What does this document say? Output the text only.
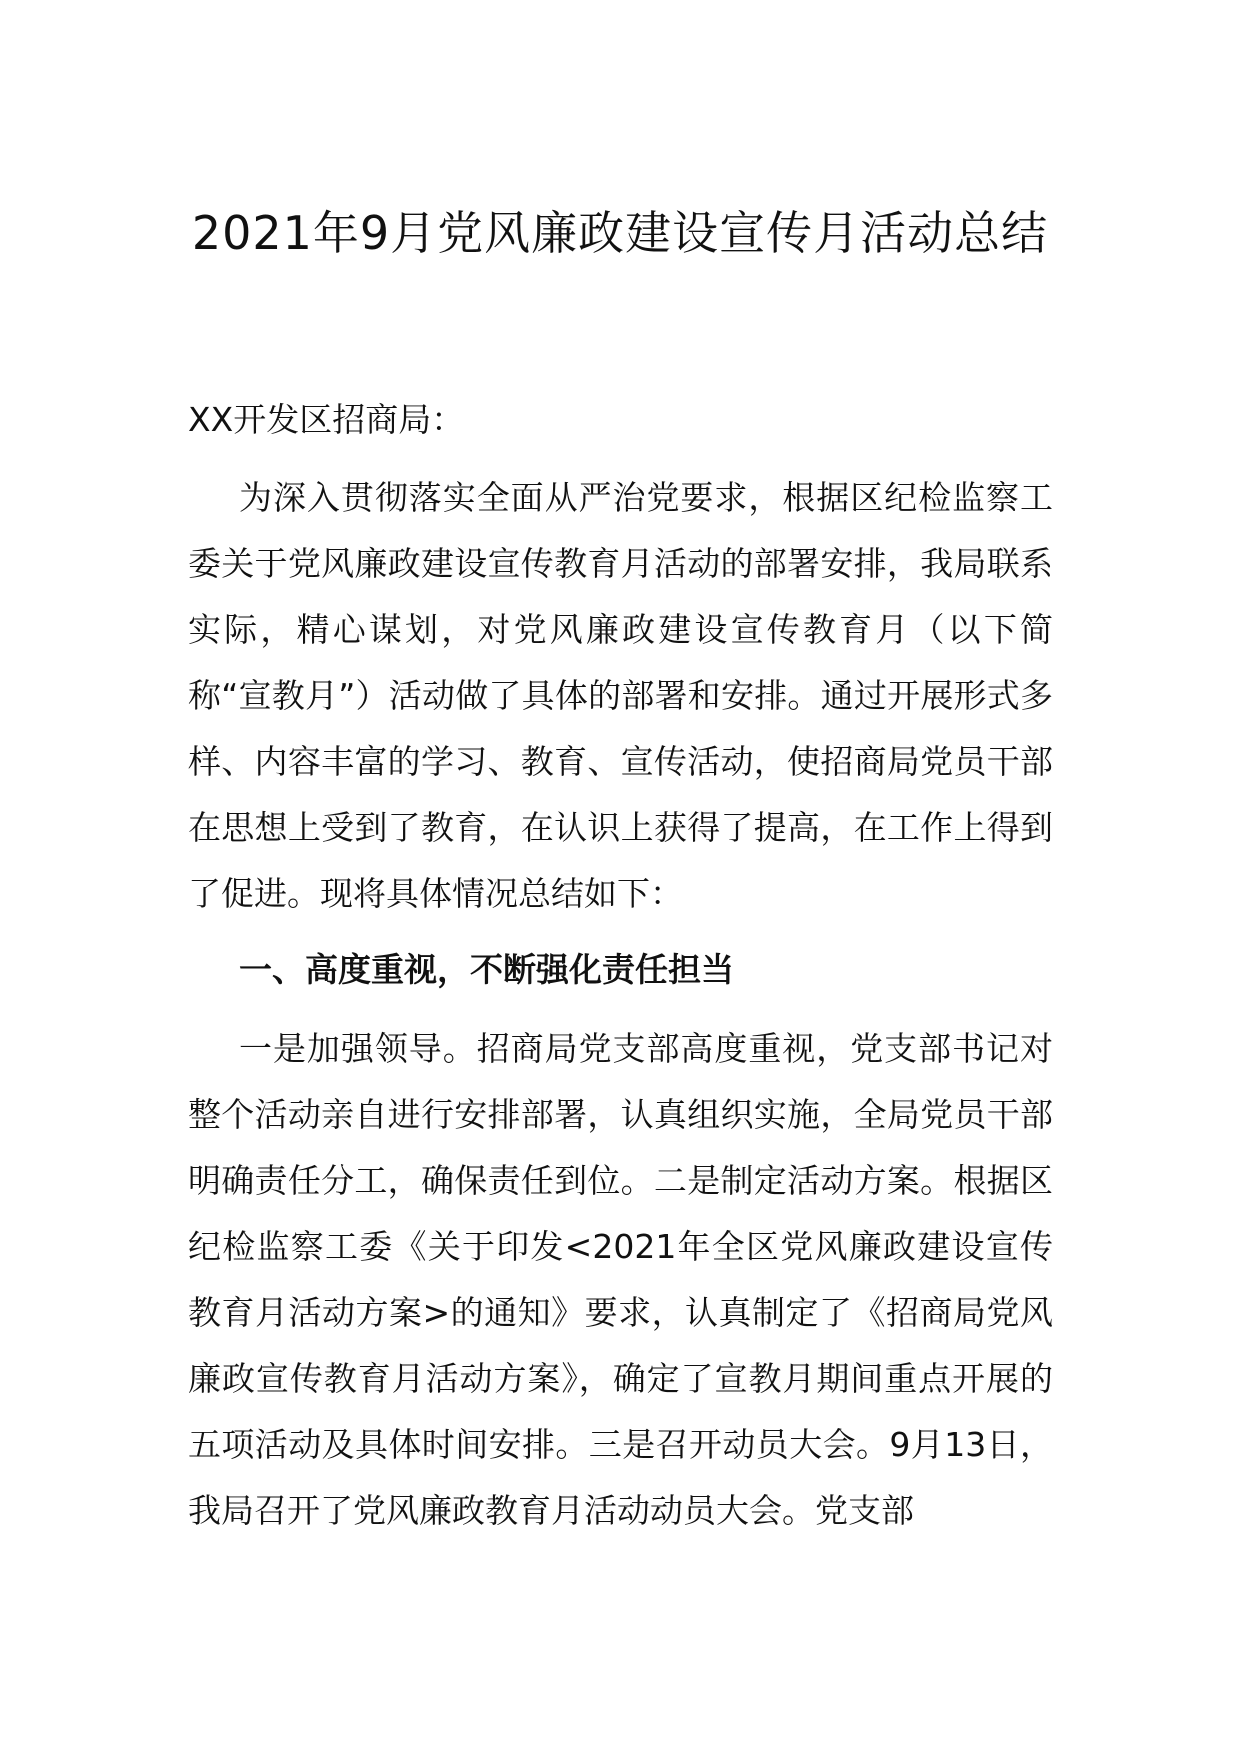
2021年9月党风廉政建设宣传月活动总结

XX开发区招商局：

为深入贯彻落实全面从严治党要求，根据区纪检监察工委关于党风廉政建设宣传教育月活动的部署安排，我局联系实际，精心谋划，对党风廉政建设宣传教育月（以下简称“宣教月”）活动做了具体的部署和安排。通过开展形式多样、内容丰富的学习、教育、宣传活动，使招商局党员干部在思想上受到了教育，在认识上获得了提高，在工作上得到了促进。现将具体情况总结如下：

一、高度重视，不断强化责任担当

一是加强领导。招商局党支部高度重视，党支部书记对整个活动亲自进行安排部署，认真组织实施，全局党员干部明确责任分工，确保责任到位。二是制定活动方案。根据区纪检监察工委《关于印发<2021年全区党风廉政建设宣传教育月活动方案>的通知》要求，认真制定了《招商局党风廉政宣传教育月活动方案》，确定了宣教月期间重点开展的五项活动及具体时间安排。三是召开动员大会。9月13日，我局召开了党风廉政教育月活动动员大会。党支部
